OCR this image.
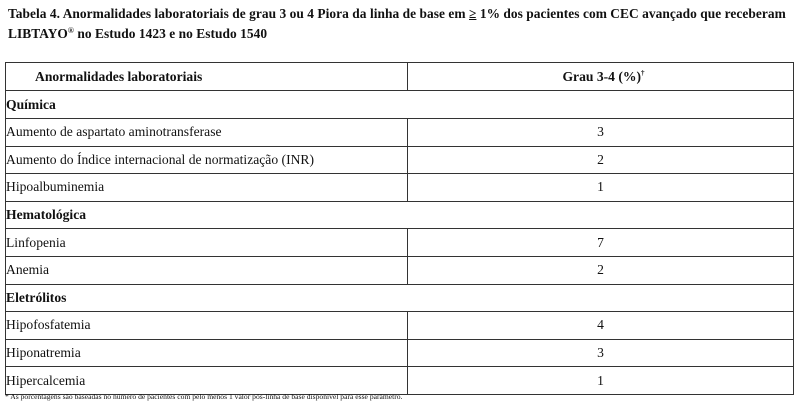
Tabela 4. Anormalidades laboratoriais de grau 3 ou 4 Piora da linha de base em ≥ 1% dos pacientes com CEC avançado que receberam LIBTAYO® no Estudo 1423 e no Estudo 1540
Anormalidades laboratoriais	Grau 3-4 (%)†
Química	
Aumento de aspartato aminotransferase	3
Aumento do Índice internacional de normatização (INR)	2
Hipoalbuminemia	1
Hematológica	
Linfopenia	7
Anemia	2
Eletrólitos	
Hipofosfatemia	4
Hiponatremia	3
Hipercalcemia	1
* As porcentagens são baseadas no número de pacientes com pelo menos 1 valor pós-linha de base disponível para esse parâmetro.
